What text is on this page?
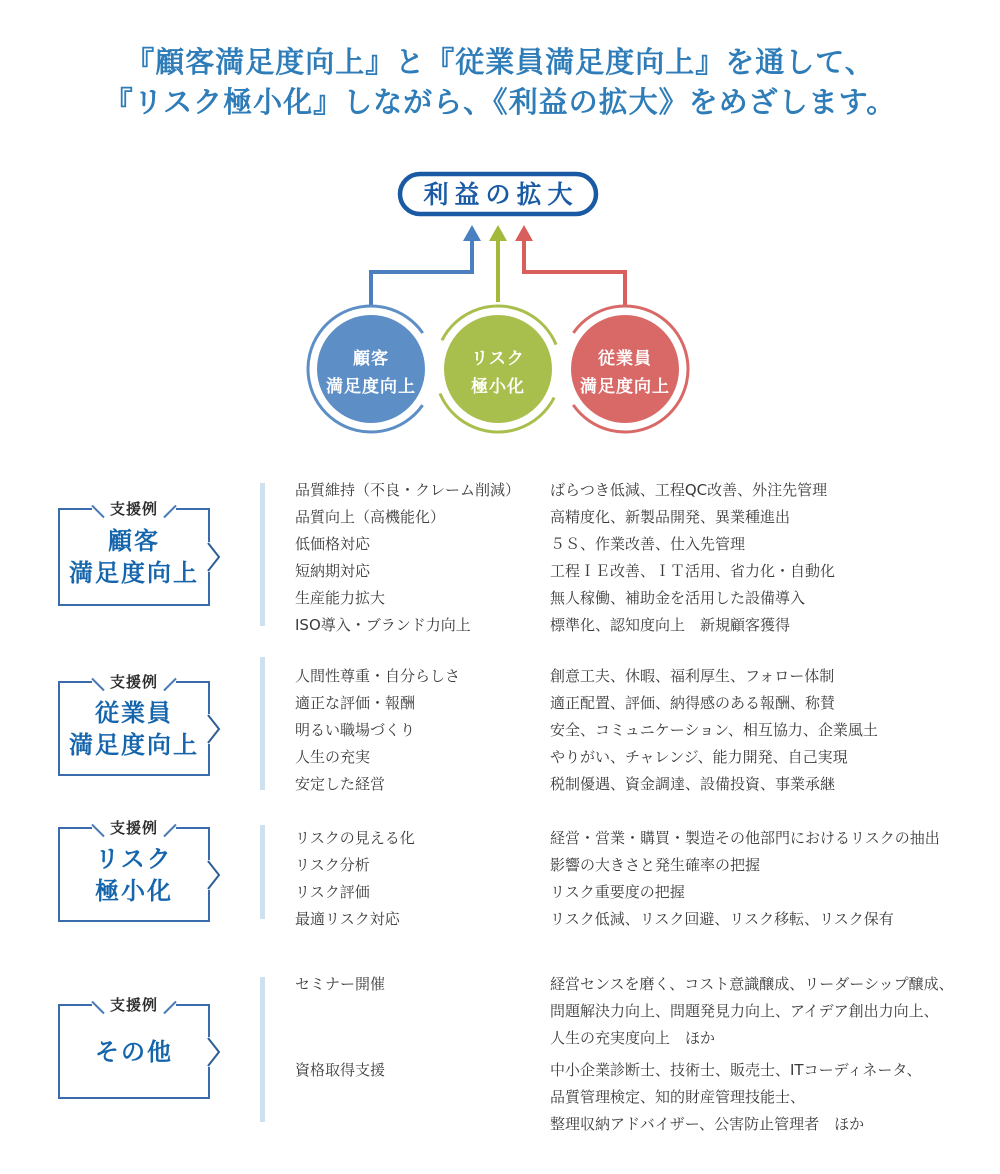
『顧客満足度向上』と『従業員満足度向上』を通して、
『リスク極小化』しながら、《利益の拡大》をめざします。
利益の拡大
顧客
満足度向上
リスク
極小化
従業員
満足度向上
支援例
顧客
満足度向上
品質維持（不良・クレーム削減）	ばらつき低減、工程QC改善、外注先管理
品質向上（高機能化）	高精度化、新製品開発、異業種進出
低価格対応	５Ｓ、作業改善、仕入先管理
短納期対応	工程ＩＥ改善、ＩＴ活用、省力化・自動化
生産能力拡大	無人稼働、補助金を活用した設備導入
ISO導入・ブランド力向上	標準化、認知度向上　新規顧客獲得
支援例
従業員
満足度向上
人間性尊重・自分らしさ	創意工夫、休暇、福利厚生、フォロー体制
適正な評価・報酬	適正配置、評価、納得感のある報酬、称賛
明るい職場づくり	安全、コミュニケーション、相互協力、企業風土
人生の充実	やりがい、チャレンジ、能力開発、自己実現
安定した経営	税制優遇、資金調達、設備投資、事業承継
支援例
リスク
極小化
リスクの見える化	経営・営業・購買・製造その他部門におけるリスクの抽出
リスク分析	影響の大きさと発生確率の把握
リスク評価	リスク重要度の把握
最適リスク対応	リスク低減、リスク回避、リスク移転、リスク保有
支援例
その他
セミナー開催	経営センスを磨く、コスト意識醸成、リーダーシップ醸成、
問題解決力向上、問題発見力向上、アイデア創出力向上、
人生の充実度向上　ほか
資格取得支援	中小企業診断士、技術士、販売士、ITコーディネータ、
品質管理検定、知的財産管理技能士、
整理収納アドバイザー、公害防止管理者　ほか
